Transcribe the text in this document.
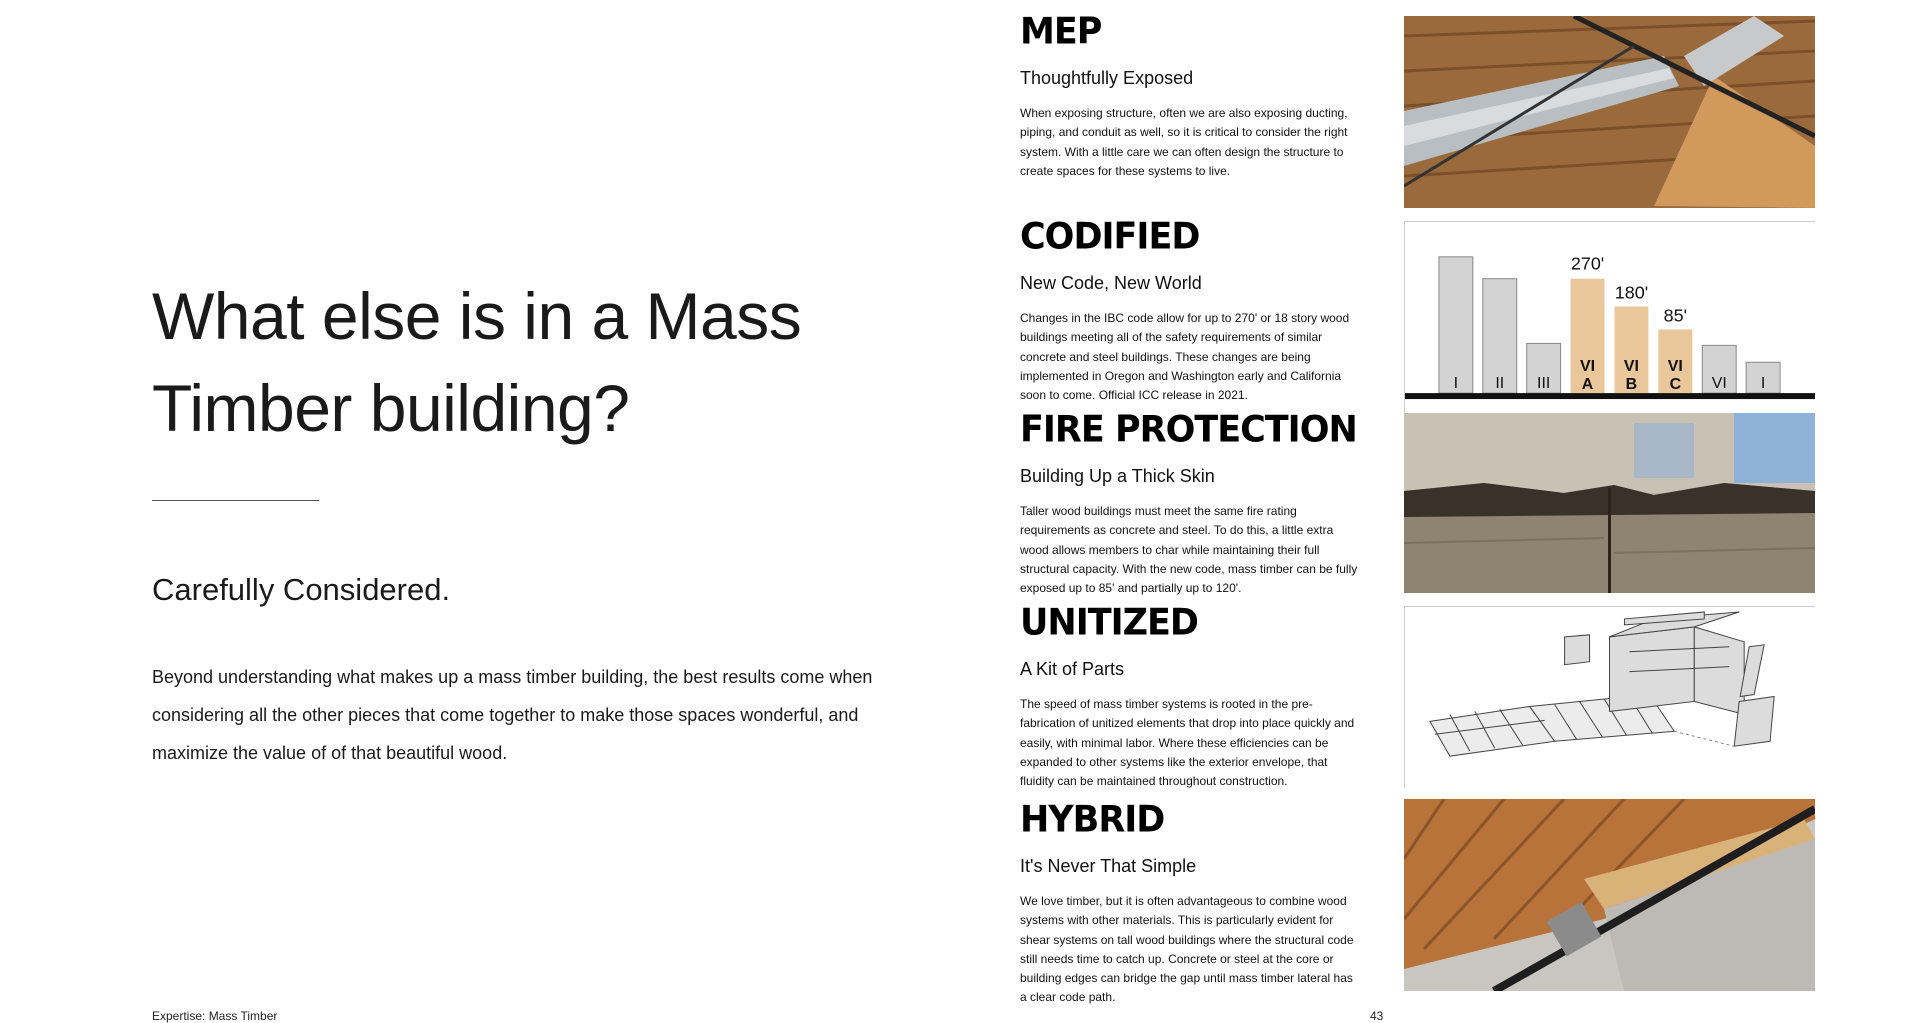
What else is in a Mass Timber building?
Carefully Considered.
Beyond understanding what makes up a mass timber building, the best results come when considering all the other pieces that come together to make those spaces wonderful, and maximize the value of of that beautiful wood.
Expertise: Mass Timber	43
MEP
Thoughtfully Exposed
When exposing structure, often we are also exposing ducting, piping, and conduit as well, so it is critical to consider the right system. With a little care we can often design the structure to create spaces for these systems to live.
CODIFIED
New Code, New World
Changes in the IBC code allow for up to 270' or 18 story wood buildings meeting all of the safety requirements of similar concrete and steel buildings. These changes are being implemented in Oregon and Washington early and California soon to come. Official ICC release in 2021.
270'
180'
85'
I II III
VI
A
VI
B
VI
C VI I
FIRE PROTECTION
Building Up a Thick Skin
Taller wood buildings must meet the same fire rating requirements as concrete and steel. To do this, a little extra wood allows members to char while maintaining their full structural capacity. With the new code, mass timber can be fully exposed up to 85' and partially up to 120'.
UNITIZED
A Kit of Parts
The speed of mass timber systems is rooted in the pre-fabrication of unitized elements that drop into place quickly and easily, with minimal labor. Where these efficiencies can be expanded to other systems like the exterior envelope, that fluidity can be maintained throughout construction.
HYBRID
It's Never That Simple
We love timber, but it is often advantageous to combine wood systems with other materials. This is particularly evident for shear systems on tall wood buildings where the structural code still needs time to catch up. Concrete or steel at the core or building edges can bridge the gap until mass timber lateral has a clear code path.
